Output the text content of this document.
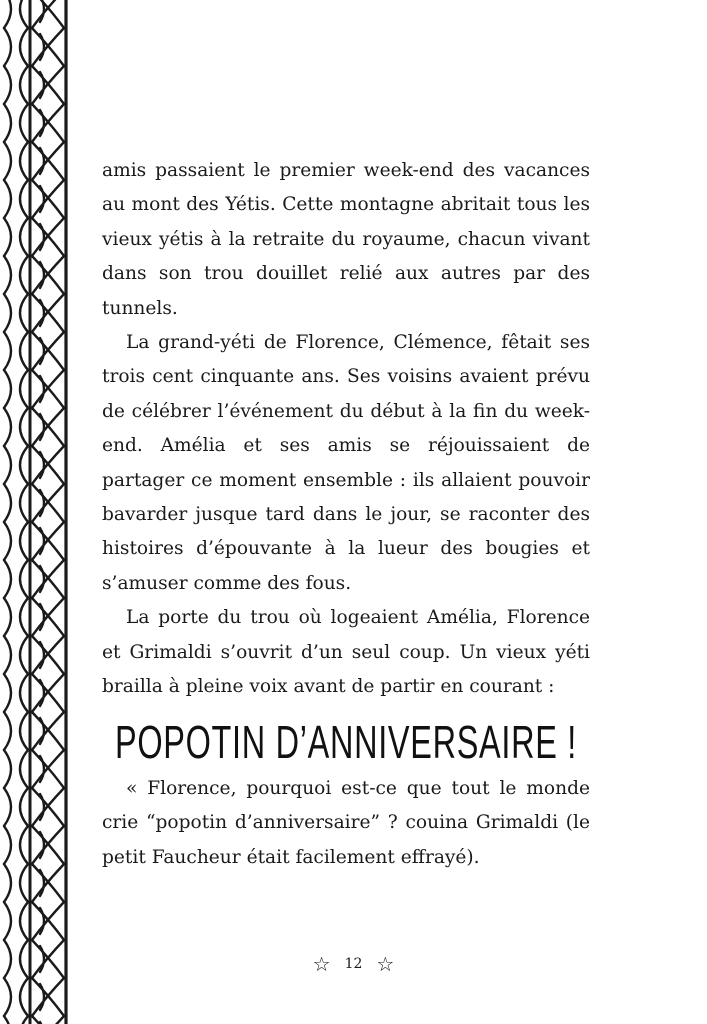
amis passaient le premier week-end des vacances au mont des Yétis. Cette montagne abritait tous les vieux yétis à la retraite du royaume, chacun vivant dans son trou douillet relié aux autres par des tunnels.

La grand-yéti de Florence, Clémence, fêtait ses trois cent cinquante ans. Ses voisins avaient prévu de célébrer l’événement du début à la fin du week-end. Amélia et ses amis se réjouissaient de partager ce moment ensemble : ils allaient pouvoir bavarder jusque tard dans le jour, se raconter des histoires d’épouvante à la lueur des bougies et s’amuser comme des fous.

La porte du trou où logeaient Amélia, Florence et Grimaldi s’ouvrit d’un seul coup. Un vieux yéti brailla à pleine voix avant de partir en courant :

POPOTIN D’ANNIVERSAIRE !

« Florence, pourquoi est-ce que tout le monde crie “popotin d’anniversaire” ? couina Grimaldi (le petit Faucheur était facilement effrayé).

☆ 12 ☆
